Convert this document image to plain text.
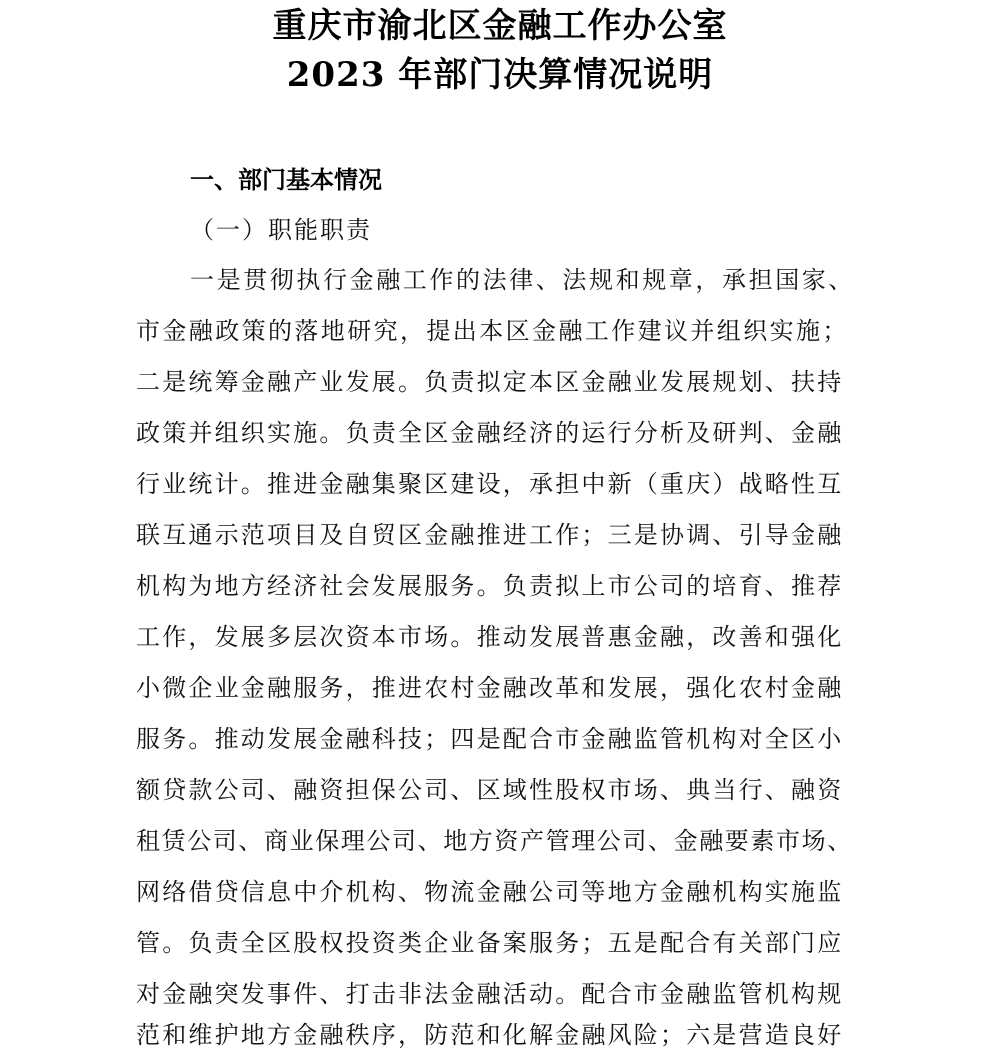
重庆市渝北区金融工作办公室
2023 年部门决算情况说明
一、部门基本情况
（一）职能职责
一是贯彻执行金融工作的法律、法规和规章，承担国家、
市金融政策的落地研究，提出本区金融工作建议并组织实施；
二是统筹金融产业发展。负责拟定本区金融业发展规划、扶持
政策并组织实施。负责全区金融经济的运行分析及研判、金融
行业统计。推进金融集聚区建设，承担中新（重庆）战略性互
联互通示范项目及自贸区金融推进工作；三是协调、引导金融
机构为地方经济社会发展服务。负责拟上市公司的培育、推荐
工作，发展多层次资本市场。推动发展普惠金融，改善和强化
小微企业金融服务，推进农村金融改革和发展，强化农村金融
服务。推动发展金融科技；四是配合市金融监管机构对全区小
额贷款公司、融资担保公司、区域性股权市场、典当行、融资
租赁公司、商业保理公司、地方资产管理公司、金融要素市场、
网络借贷信息中介机构、物流金融公司等地方金融机构实施监
管。负责全区股权投资类企业备案服务；五是配合有关部门应
对金融突发事件、打击非法金融活动。配合市金融监管机构规
范和维护地方金融秩序，防范和化解金融风险；六是营造良好
